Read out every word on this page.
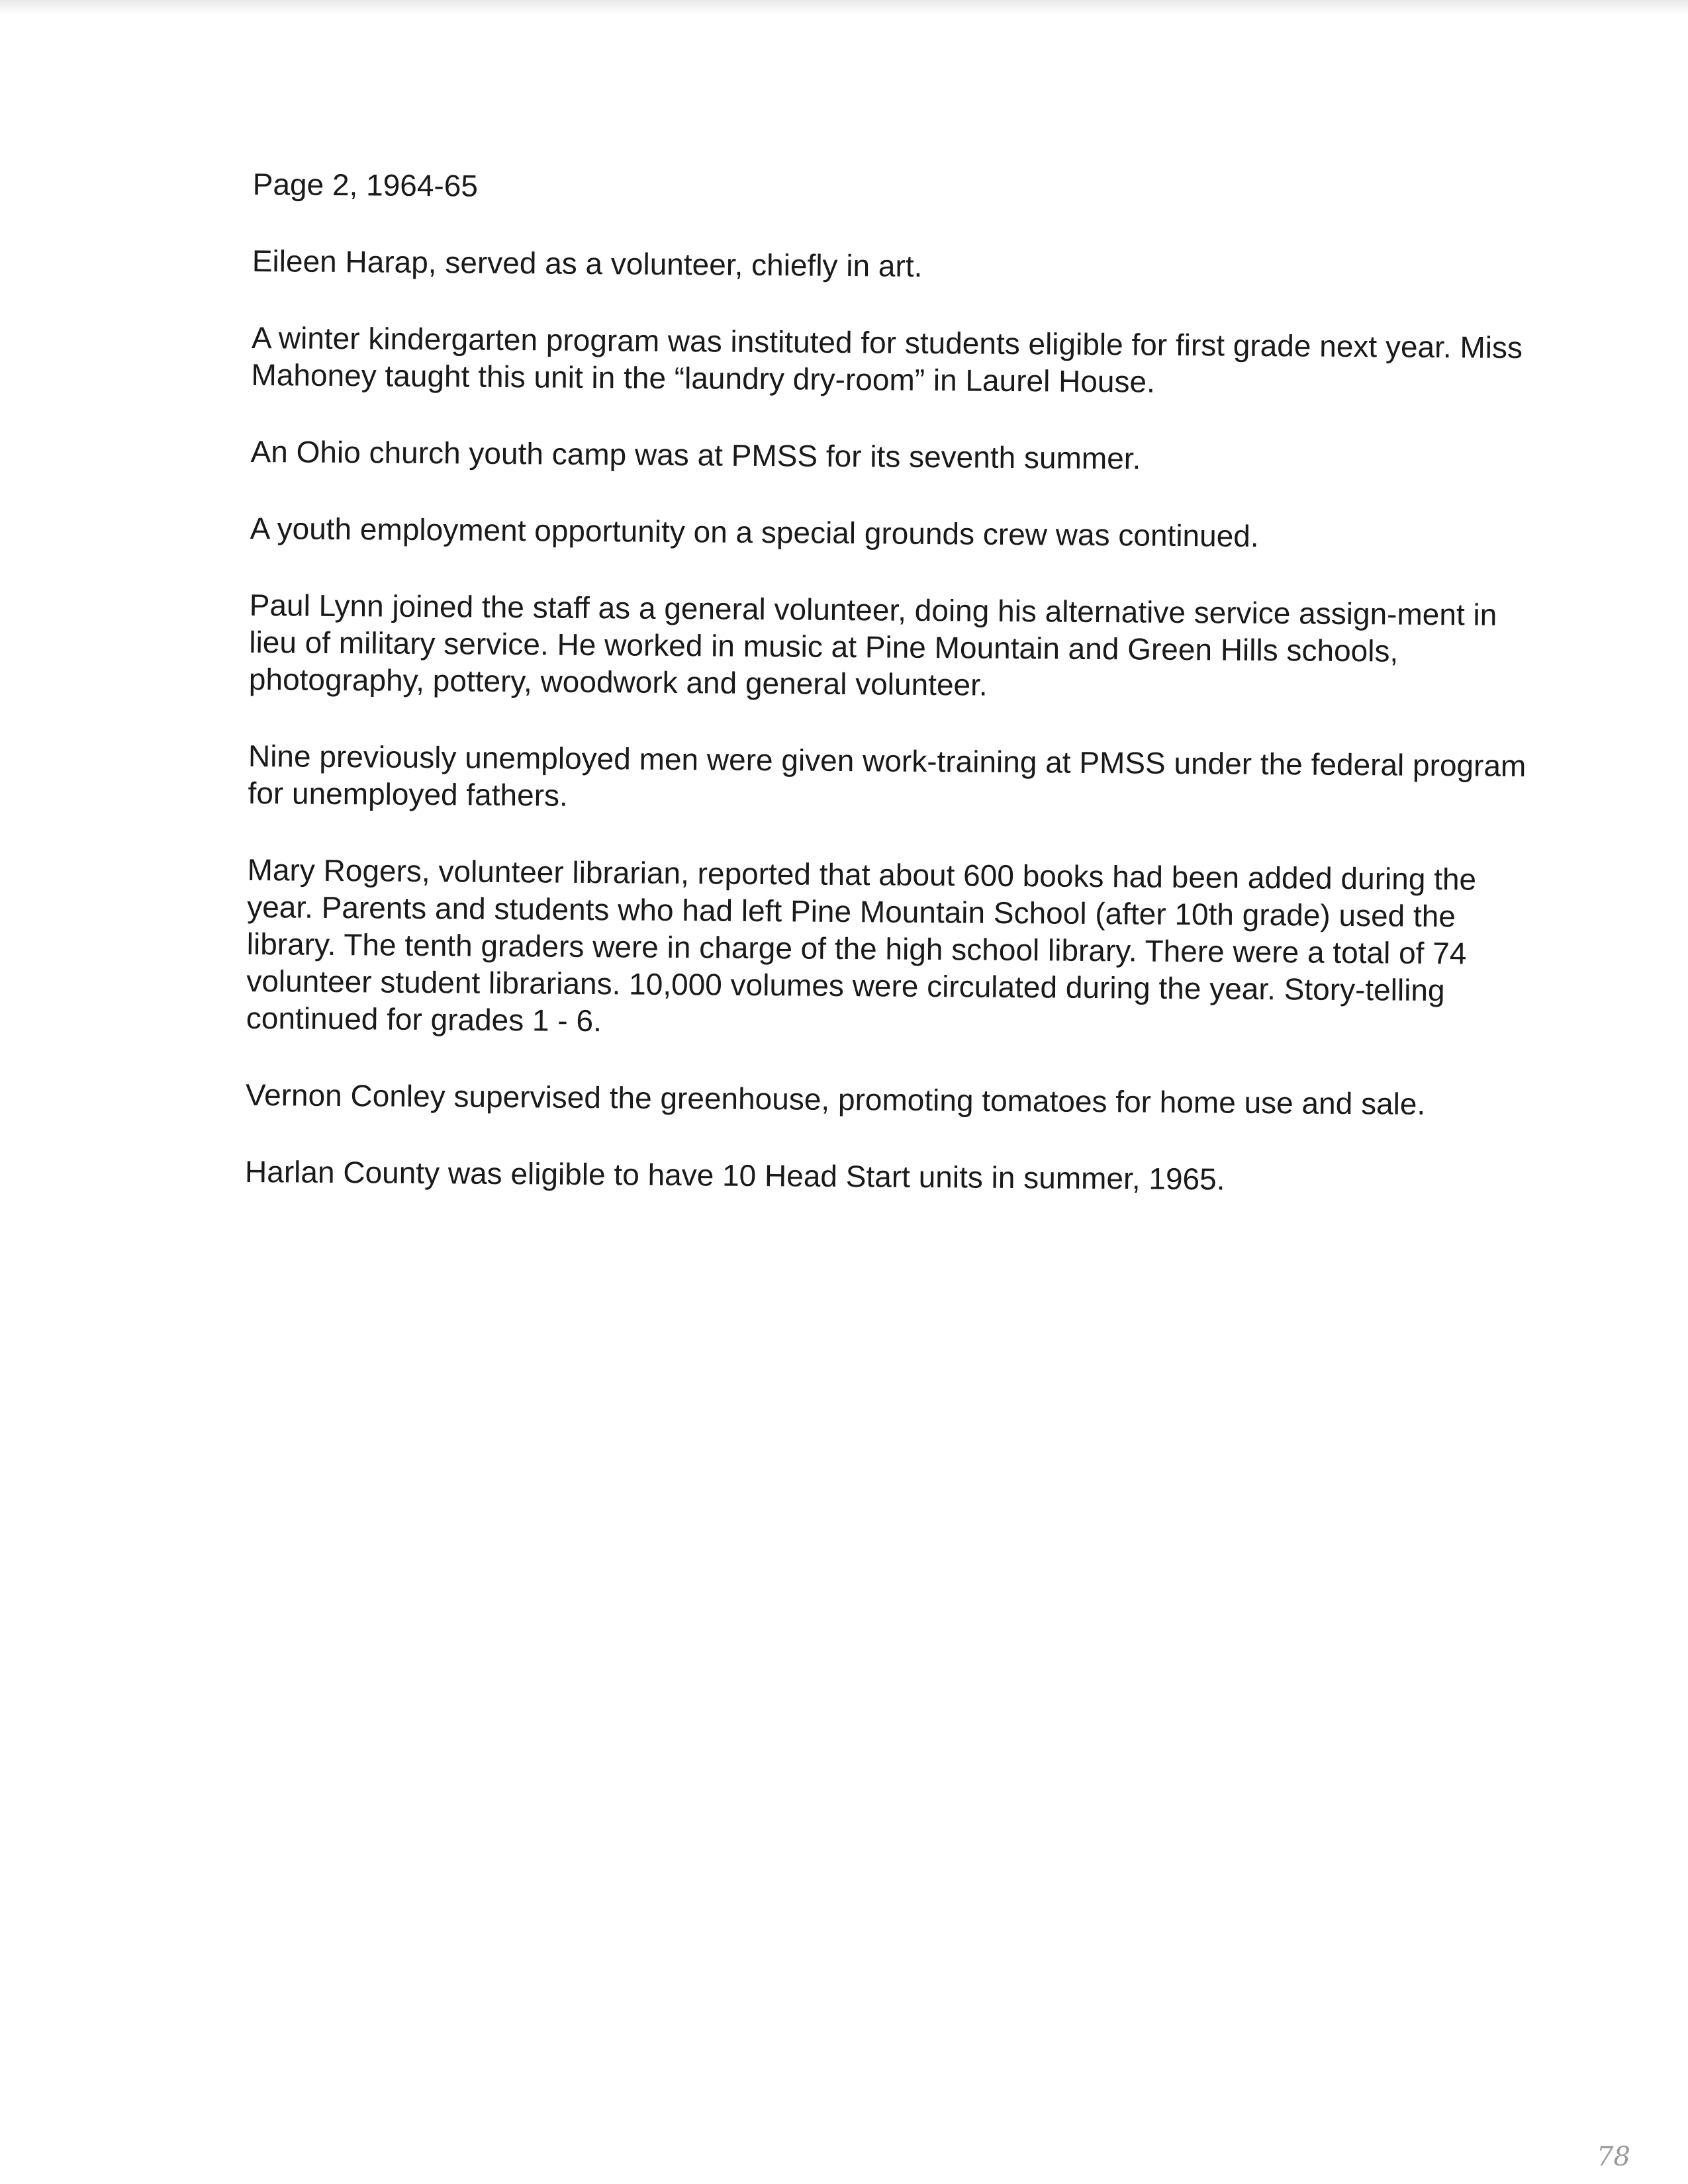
Page 2, 1964-65

Eileen Harap, served as a volunteer, chiefly in art.

A winter kindergarten program was instituted for students eligible for first grade next year. Miss Mahoney taught this unit in the “laundry dry-room” in Laurel House.

An Ohio church youth camp was at PMSS for its seventh summer.

A youth employment opportunity on a special grounds crew was continued.

Paul Lynn joined the staff as a general volunteer, doing his alternative service assign-ment in lieu of military service. He worked in music at Pine Mountain and Green Hills schools, photography, pottery, woodwork and general volunteer.

Nine previously unemployed men were given work-training at PMSS under the federal program for unemployed fathers.

Mary Rogers, volunteer librarian, reported that about 600 books had been added during the year. Parents and students who had left Pine Mountain School (after 10th grade) used the library. The tenth graders were in charge of the high school library. There were a total of 74 volunteer student librarians. 10,000 volumes were circulated during the year. Story-telling continued for grades 1 - 6.

Vernon Conley supervised the greenhouse, promoting tomatoes for home use and sale.

Harlan County was eligible to have 10 Head Start units in summer, 1965.

78
